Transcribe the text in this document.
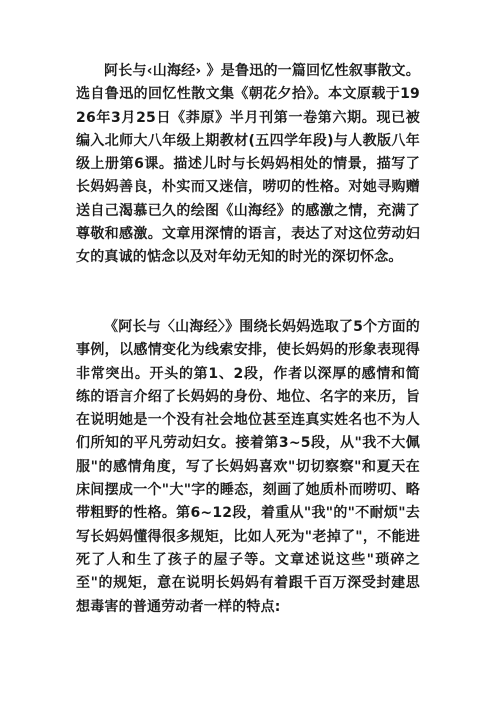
阿长与‹山海经› 》是鲁迅的一篇回忆性叙事散文。选自鲁迅的回忆性散文集《朝花夕拾》。本文原载于1926年3月25日《莽原》半月刊第一卷第六期。现已被编入北师大八年级上期教材(五四学年段)与人教版八年级上册第6课。描述儿时与长妈妈相处的情景，描写了长妈妈善良，朴实而又迷信，唠叨的性格。对她寻购赠送自己渴慕已久的绘图《山海经》的感激之情，充满了尊敬和感激。文章用深情的语言，表达了对这位劳动妇女的真诚的惦念以及对年幼无知的时光的深切怀念。

《阿长与〈山海经〉》围绕长妈妈选取了5个方面的事例，以感情变化为线索安排，使长妈妈的形象表现得非常突出。开头的第1、2段，作者以深厚的感情和简练的语言介绍了长妈妈的身份、地位、名字的来历，旨在说明她是一个没有社会地位甚至连真实姓名也不为人们所知的平凡劳动妇女。接着第3~5段，从"我不大佩服"的感情角度，写了长妈妈喜欢"切切察察"和夏天在床间摆成一个"大"字的睡态，刻画了她质朴而唠叨、略带粗野的性格。第6~12段，着重从"我"的"不耐烦"去写长妈妈懂得很多规矩，比如人死为"老掉了"，不能进死了人和生了孩子的屋子等。文章述说这些"琐碎之至"的规矩，意在说明长妈妈有着跟千百万深受封建思想毒害的普通劳动者一样的特点:
